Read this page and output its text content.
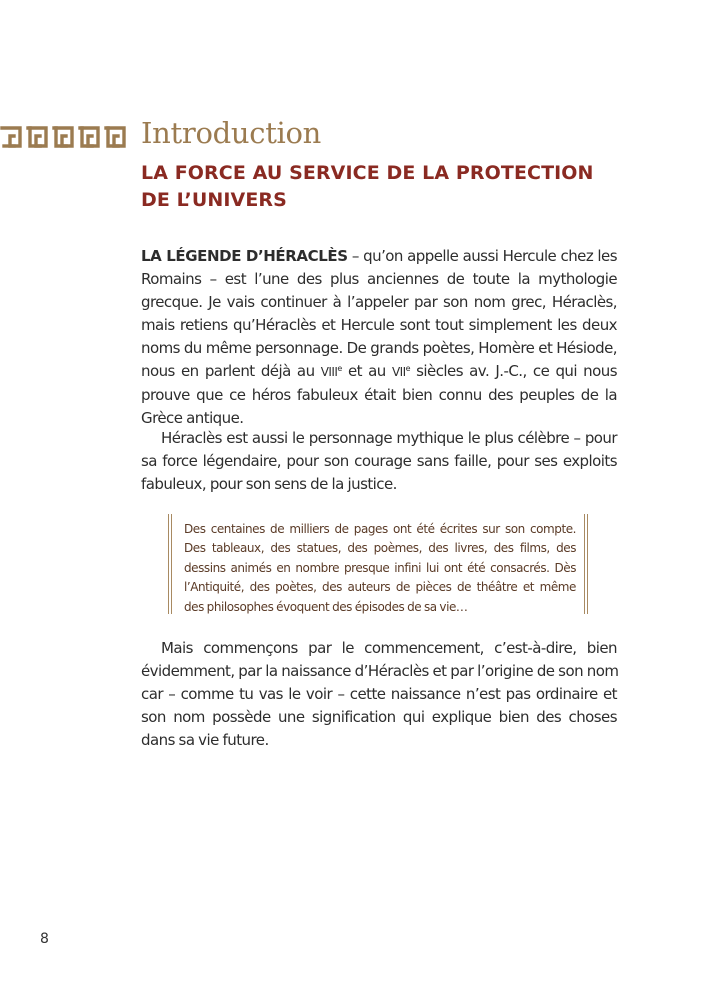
Introduction
LA FORCE AU SERVICE DE LA PROTECTION
DE L’UNIVERS
LA LÉGENDE D’HÉRACLÈS – qu’on appelle aussi Hercule chez les
Romains – est l’une des plus anciennes de toute la mythologie
grecque. Je vais continuer à l’appeler par son nom grec, Héraclès,
mais retiens qu’Héraclès et Hercule sont tout simplement les deux
noms du même personnage. De grands poètes, Homère et Hésiode,
nous en parlent déjà au VIIIe et au VIIe siècles av. J.-C., ce qui nous
prouve que ce héros fabuleux était bien connu des peuples de la
Grèce antique.
Héraclès est aussi le personnage mythique le plus célèbre – pour
sa force légendaire, pour son courage sans faille, pour ses exploits
fabuleux, pour son sens de la justice.
Des centaines de milliers de pages ont été écrites sur son compte.
Des tableaux, des statues, des poèmes, des livres, des films, des
dessins animés en nombre presque infini lui ont été consacrés. Dès
l’Antiquité, des poètes, des auteurs de pièces de théâtre et même
des philosophes évoquent des épisodes de sa vie…
Mais commençons par le commencement, c’est-à-dire, bien
évidemment, par la naissance d’Héraclès et par l’origine de son nom
car – comme tu vas le voir – cette naissance n’est pas ordinaire et
son nom possède une signification qui explique bien des choses
dans sa vie future.
8
